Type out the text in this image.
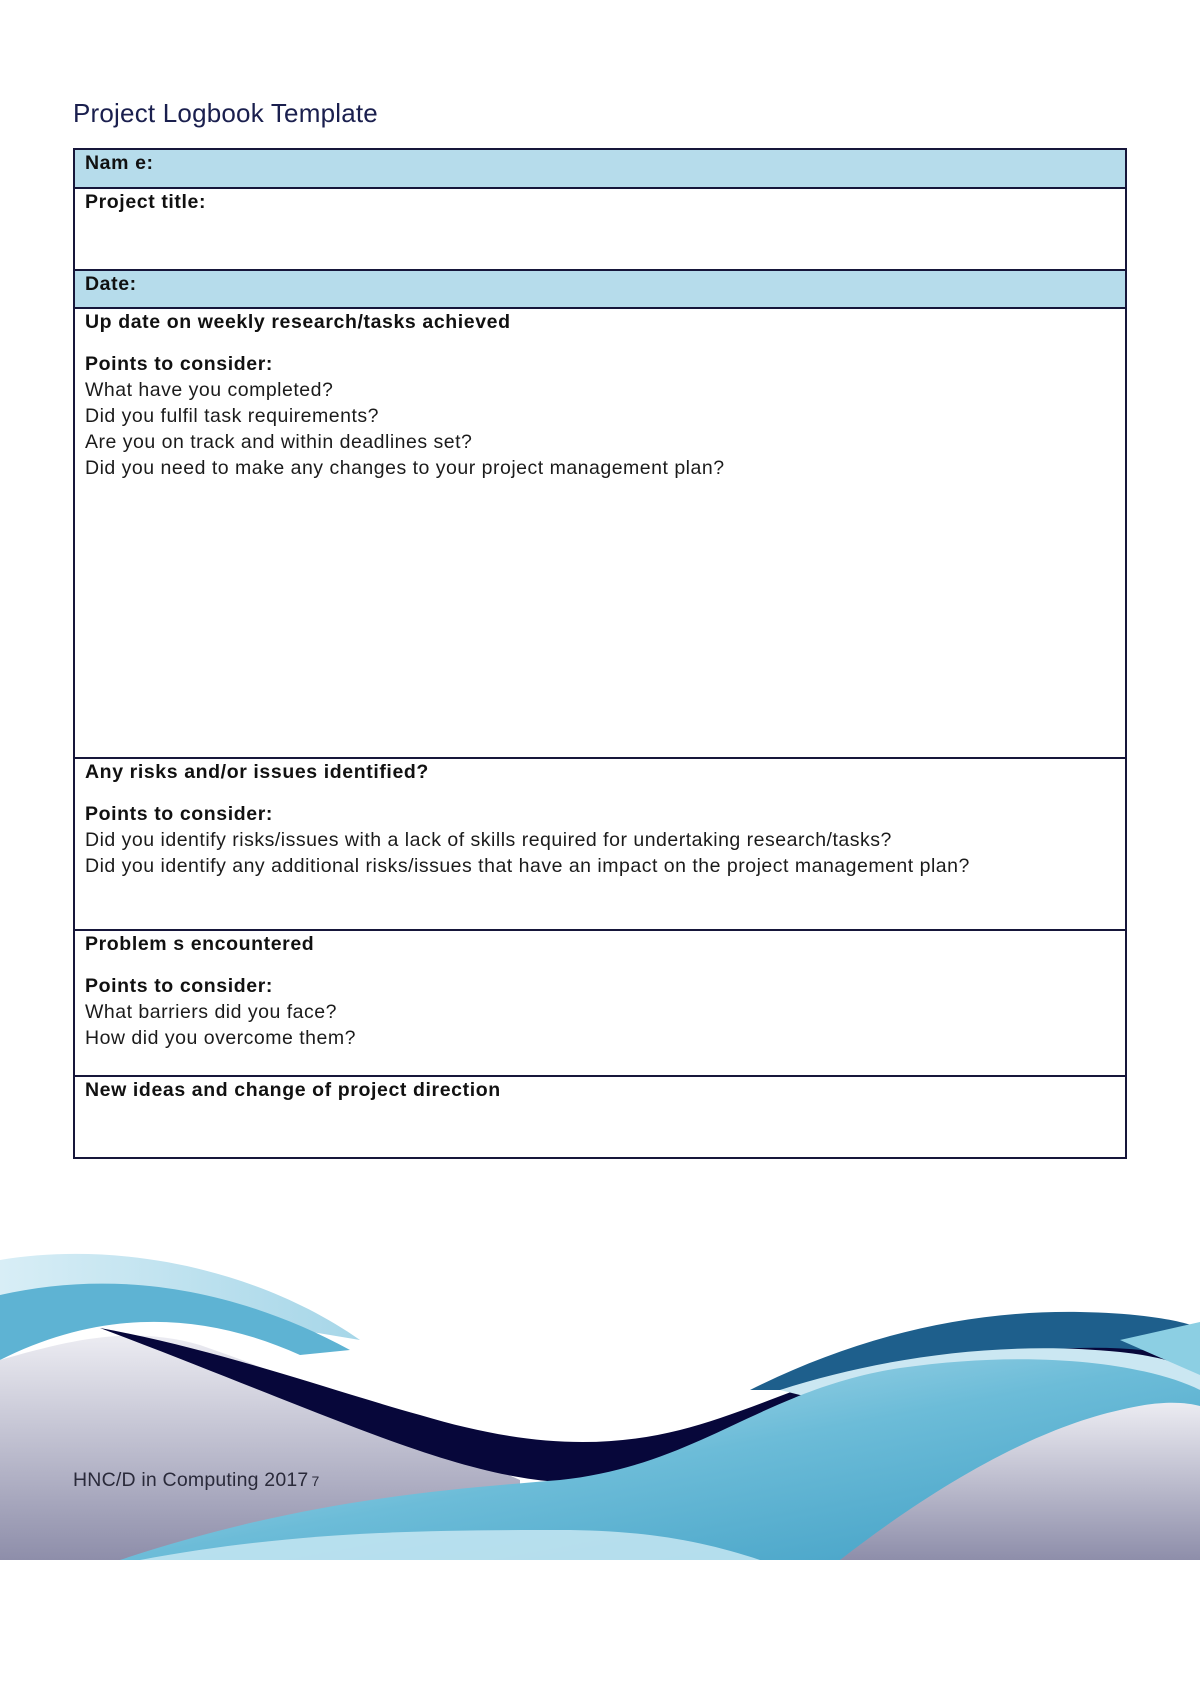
Project Logbook Template
Nam e:

Project title:

Date:

Up date on weekly research/tasks achieved
Points to consider:
What have you completed?
Did you fulfil task requirements?
Are you on track and within deadlines set?
Did you need to make any changes to your project management plan?

Any risks and/or issues identified?
Points to consider:
Did you identify risks/issues with a lack of skills required for undertaking research/tasks?
Did you identify any additional risks/issues that have an impact on the project management plan?

Problem s encountered
Points to consider:
What barriers did you face?
How did you overcome them?

New ideas and change of project direction
HNC/D in Computing 2017 7
